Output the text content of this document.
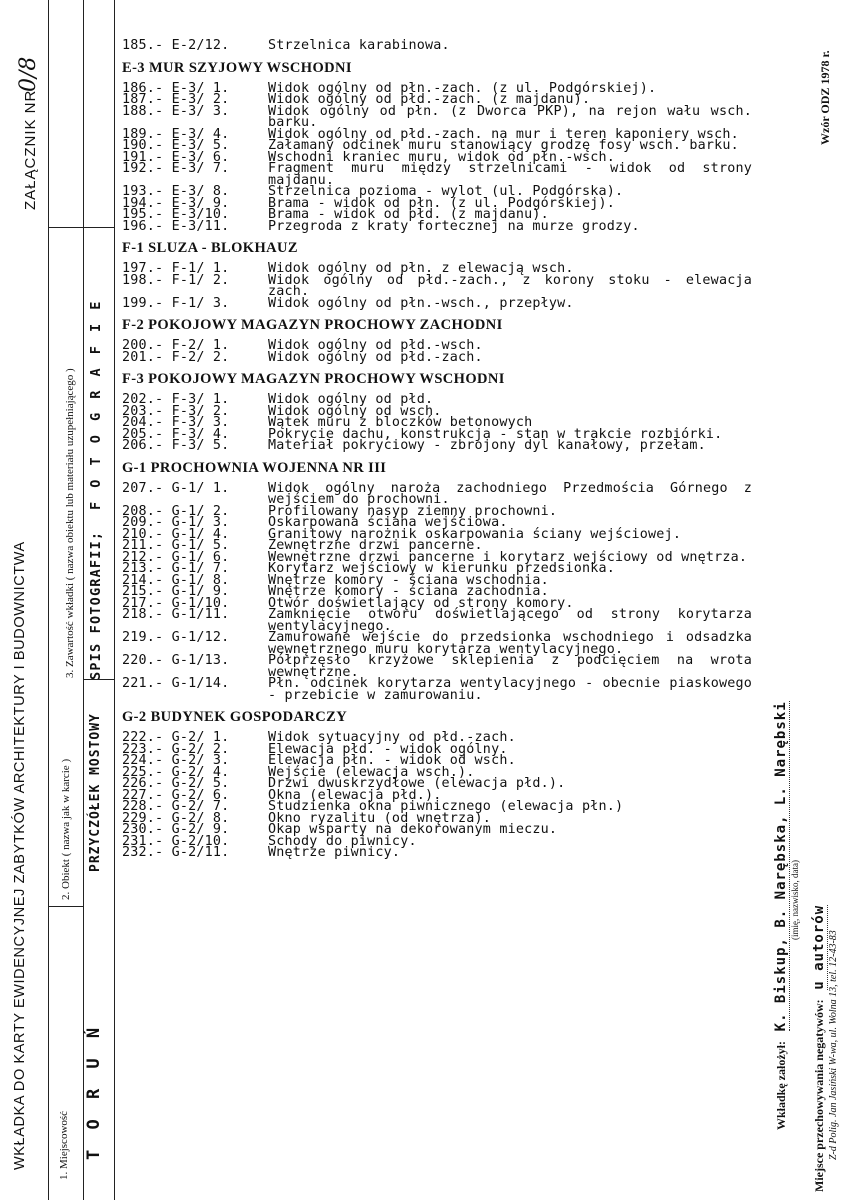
WKŁADKA DO KARTY EWIDENCYJNEJ ZABYTKÓW ARCHITEKTURY I BUDOWNICTWA
ZAŁĄCZNIK NR
0/8
1. Miejscowość T O R U Ń
2. Obiekt ( nazwa jak w karcie ) PRZYCZÓŁEK MOSTOWY
3. Zawartość wkładki ( nazwa obiektu lub materiału uzupełniającego ) SPIS FOTOGRAFII;
F O T O G R A F I E
185.- E-2/12.	Strzelnica karabinowa.
E-3 MUR SZYJOWY WSCHODNI
186.- E-3/ 1.	Widok ogólny od płn.-zach. (z ul. Podgórskiej).
187.- E-3/ 2.	Widok ogólny od płd.-zach. (z majdanu).
188.- E-3/ 3.	Widok ogólny od płn. (z Dworca PKP), na rejon wału wsch. barku.
189.- E-3/ 4.	Widok ogólny od płd.-zach. na mur i teren kaponiery wsch.
190.- E-3/ 5.	Załamany odcinek muru stanowiący grodzę fosy wsch. barku.
191.- E-3/ 6.	Wschodni kraniec muru, widok od płn.-wsch.
192.- E-3/ 7.	Fragment muru między strzelnicami - widok od strony majdanu.
193.- E-3/ 8.	Strzelnica pozioma - wylot (ul. Podgórska).
194.- E-3/ 9.	Brama - widok od płn. (z ul. Podgórskiej).
195.- E-3/10.	Brama - widok od płd. (z majdanu).
196.- E-3/11.	Przegroda z kraty fortecznej na murze grodzy.
F-1 SLUZA - BLOKHAUZ
197.- F-1/ 1.	Widok ogólny od płn. z elewacją wsch.
198.- F-1/ 2.	Widok ogólny od płd.-zach., z korony stoku - elewacja zach.
199.- F-1/ 3.	Widok ogólny od płn.-wsch., przepływ.
F-2 POKOJOWY MAGAZYN PROCHOWY ZACHODNI
200.- F-2/ 1.	Widok ogólny od płd.-wsch.
201.- F-2/ 2.	Widok ogólny od płd.-zach.
F-3 POKOJOWY MAGAZYN PROCHOWY WSCHODNI
202.- F-3/ 1.	Widok ogólny od płd.
203.- F-3/ 2.	Widok ogólny od wsch.
204.- F-3/ 3.	Wątek muru z bloczków betonowych
205.- F-3/ 4.	Pokrycie dachu, konstrukcja - stan w trakcie rozbiórki.
206.- F-3/ 5.	Materiał pokryciowy - zbrojony dyl kanałowy, przełam.
G-1 PROCHOWNIA WOJENNA NR III
207.- G-1/ 1.	Widok ogólny naroża zachodniego Przedmościa Górnego z wejściem do prochowni.
208.- G-1/ 2.	Profilowany nasyp ziemny prochowni.
209.- G-1/ 3.	Oskarpowana ściana wejściowa.
210.- G-1/ 4.	Granitowy narożnik oskarpowania ściany wejściowej.
211.- G-1/ 5.	Zewnętrzne drzwi pancerne.
212.- G-1/ 6.	Wewnętrzne drzwi pancerne i korytarz wejściowy od wnętrza.
213.- G-1/ 7.	Korytarz wejściowy w kierunku przedsionka.
214.- G-1/ 8.	Wnętrze komory - ściana wschodnia.
215.- G-1/ 9.	Wnętrze komory - ściana zachodnia.
217.- G-1/10.	Otwór doświetlający od strony komory.
218.- G-1/11.	Zamknięcie otworu doświetlającego od strony korytarza wentylacyjnego.
219.- G-1/12.	Zamurowane wejście do przedsionka wschodniego i odsadzka wewnętrznego muru korytarza wentylacyjnego.
220.- G-1/13.	Półprzęsło krzyżowe sklepienia z podcięciem na wrota wewnętrzne.
221.- G-1/14.	Płn. odcinek korytarza wentylacyjnego - obecnie piaskowego - przebicie w zamurowaniu.
G-2 BUDYNEK GOSPODARCZY
222.- G-2/ 1.	Widok sytuacyjny od płd.-zach.
223.- G-2/ 2.	Elewacja płd. - widok ogólny.
224.- G-2/ 3.	Elewacja płn. - widok od wsch.
225.- G-2/ 4.	Wejście (elewacja wsch.).
226.- G-2/ 5.	Drzwi dwuskrzydłowe (elewacja płd.).
227.- G-2/ 6.	Okna (elewacja płd.).
228.- G-2/ 7.	Studzienka okna piwnicznego (elewacja płn.)
229.- G-2/ 8.	Okno ryzalitu (od wnętrza).
230.- G-2/ 9.	Okap wsparty na dekorowanym mieczu.
231.- G-2/10.	Schody do piwnicy.
232.- G-2/11.	Wnętrze piwnicy.
Wzór ODZ 1978 r.
Wkładkę założył: K. Biskup, B. Narębska, L. Narębski (imię, nazwisko, data)
Miejsce przechowywania negatywów: u autorów Z-d Polig. Jan Jasiński W-wa, ul. Wolna 13, tel. 12-43-83
